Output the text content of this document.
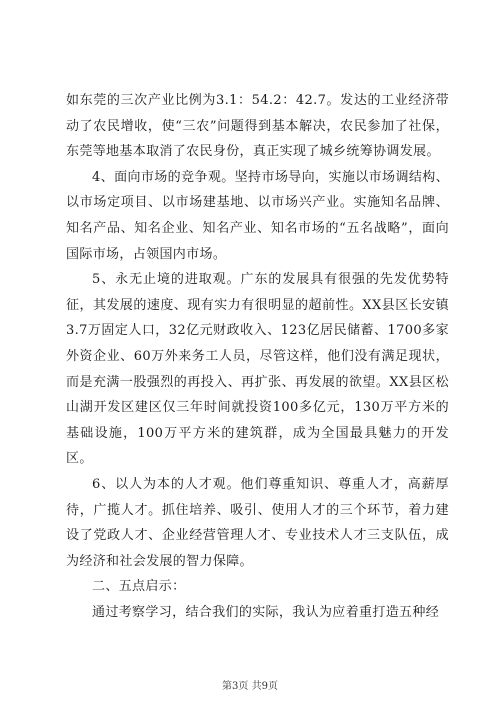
如东莞的三次产业比例为3.1：54.2：42.7。发达的工业经济带动了农民增收，使“三农”问题得到基本解决，农民参加了社保，东莞等地基本取消了农民身份，真正实现了城乡统筹协调发展。

4、面向市场的竞争观。坚持市场导向，实施以市场调结构、以市场定项目、以市场建基地、以市场兴产业。实施知名品牌、知名产品、知名企业、知名产业、知名市场的“五名战略”，面向国际市场，占领国内市场。

5、永无止境的进取观。广东的发展具有很强的先发优势特征，其发展的速度、现有实力有很明显的超前性。XX县区长安镇3.7万固定人口，32亿元财政收入、123亿居民储蓄、1700多家外资企业、60万外来务工人员，尽管这样，他们没有满足现状，而是充满一股强烈的再投入、再扩张、再发展的欲望。XX县区松山湖开发区建区仅三年时间就投资100多亿元，130万平方米的基础设施，100万平方米的建筑群，成为全国最具魅力的开发区。

6、以人为本的人才观。他们尊重知识、尊重人才，高薪厚待，广揽人才。抓住培养、吸引、使用人才的三个环节，着力建设了党政人才、企业经营管理人才、专业技术人才三支队伍，成为经济和社会发展的智力保障。

二、五点启示：

通过考察学习，结合我们的实际，我认为应着重打造五种经

第3页 共9页
